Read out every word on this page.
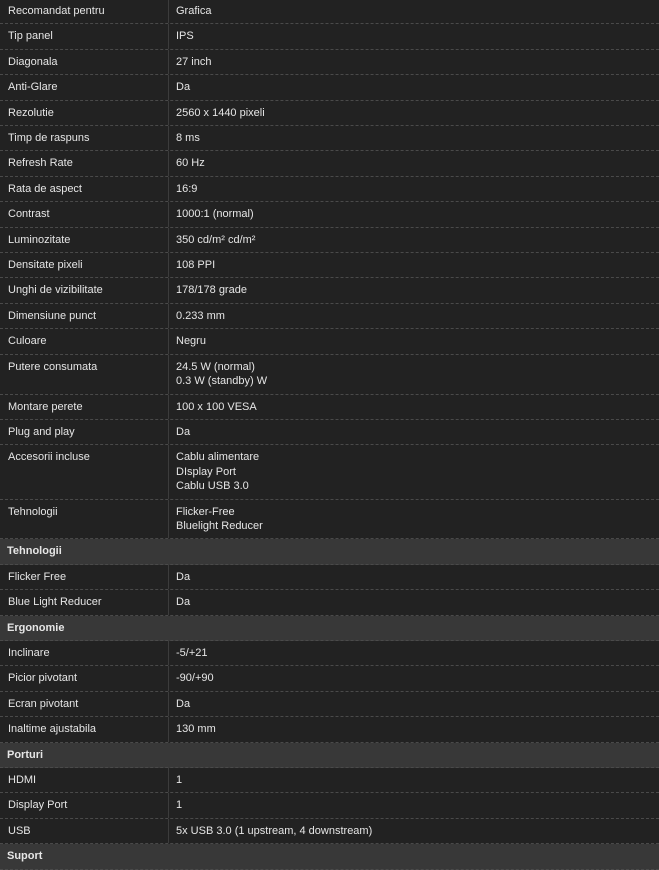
Recomandat pentru	Grafica
Tip panel	IPS
Diagonala	27 inch
Anti-Glare	Da
Rezolutie	2560 x 1440 pixeli
Timp de raspuns	8 ms
Refresh Rate	60 Hz
Rata de aspect	16:9
Contrast	1000:1 (normal)
Luminozitate	350 cd/m² cd/m²
Densitate pixeli	108 PPI
Unghi de vizibilitate	178/178 grade
Dimensiune punct	0.233 mm
Culoare	Negru
Putere consumata	24.5 W (normal)
0.3 W (standby) W
Montare perete	100 x 100 VESA
Plug and play	Da
Accesorii incluse	Cablu alimentare
DIsplay Port
Cablu USB 3.0
Tehnologii	Flicker-Free
Bluelight Reducer
Tehnologii
Flicker Free	Da
Blue Light Reducer	Da
Ergonomie
Inclinare	-5/+21
Picior pivotant	-90/+90
Ecran pivotant	Da
Inaltime ajustabila	130 mm
Porturi
HDMI	1
Display Port	1
USB	5x USB 3.0 (1 upstream, 4 downstream)
Suport
